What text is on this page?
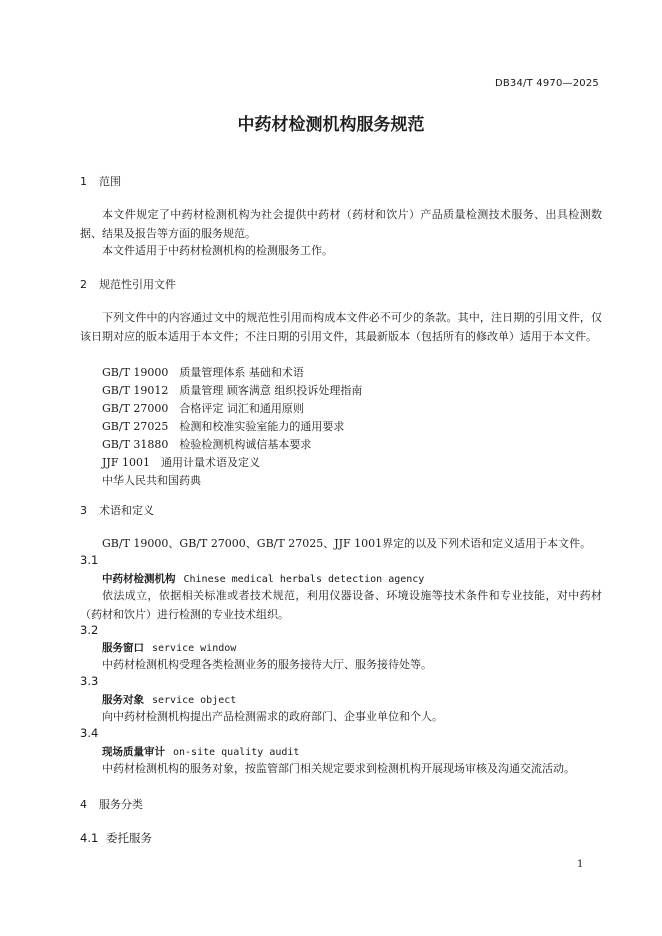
DB34/T 4970—2025
中药材检测机构服务规范
1 范围
本文件规定了中药材检测机构为社会提供中药材（药材和饮片）产品质量检测技术服务、出具检测数据、结果及报告等方面的服务规范。
本文件适用于中药材检测机构的检测服务工作。
2 规范性引用文件
下列文件中的内容通过文中的规范性引用而构成本文件必不可少的条款。其中，注日期的引用文件，仅该日期对应的版本适用于本文件；不注日期的引用文件，其最新版本（包括所有的修改单）适用于本文件。
GB/T 19000　质量管理体系 基础和术语
GB/T 19012　质量管理 顾客满意 组织投诉处理指南
GB/T 27000　合格评定 词汇和通用原则
GB/T 27025　检测和校准实验室能力的通用要求
GB/T 31880　检验检测机构诚信基本要求
JJF 1001　通用计量术语及定义
中华人民共和国药典
3 术语和定义
GB/T 19000、GB/T 27000、GB/T 27025、JJF 1001界定的以及下列术语和定义适用于本文件。
3.1
中药材检测机构 Chinese medical herbals detection agency
依法成立，依据相关标准或者技术规范，利用仪器设备、环境设施等技术条件和专业技能，对中药材（药材和饮片）进行检测的专业技术组织。
3.2
服务窗口 service window
中药材检测机构受理各类检测业务的服务接待大厅、服务接待处等。
3.3
服务对象 service object
向中药材检测机构提出产品检测需求的政府部门、企事业单位和个人。
3.4
现场质量审计 on-site quality audit
中药材检测机构的服务对象，按监管部门相关规定要求到检测机构开展现场审核及沟通交流活动。
4 服务分类
4.1 委托服务
1
